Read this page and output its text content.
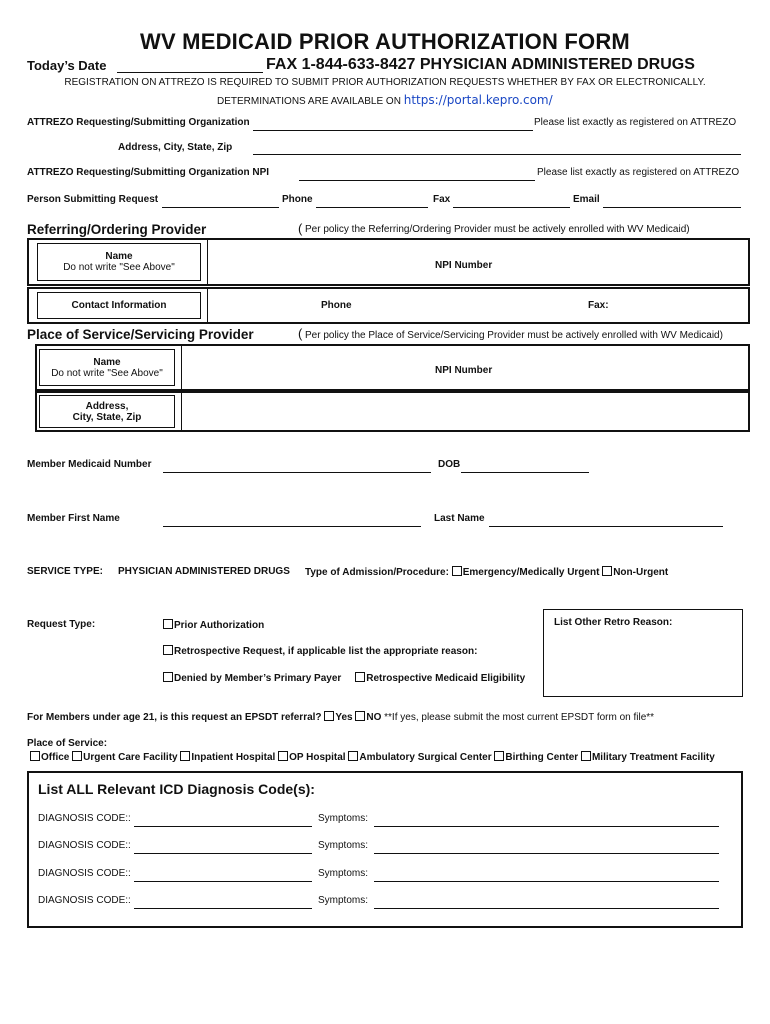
WV MEDICAID PRIOR AUTHORIZATION FORM
Today’s Date	FAX 1-844-633-8427 PHYSICIAN ADMINISTERED DRUGS
REGISTRATION ON ATTREZO IS REQUIRED TO SUBMIT PRIOR AUTHORIZATION REQUESTS WHETHER BY FAX OR ELECTRONICALLY.
DETERMINATIONS ARE AVAILABLE ON https://portal.kepro.com/
ATTREZO Requesting/Submitting Organization	Please list exactly as registered on ATTREZO
Address, City, State, Zip
ATTREZO Requesting/Submitting Organization NPI	Please list exactly as registered on ATTREZO
Person Submitting Request	Phone	Fax	Email
Referring/Ordering Provider	( Per policy the Referring/Ordering Provider must be actively enrolled with WV Medicaid)
Name
Do not write "See Above"	NPI Number
Contact Information	Phone	Fax:
Place of Service/Servicing Provider	( Per policy the Place of Service/Servicing Provider must be actively enrolled with WV Medicaid)
Name
Do not write "See Above"	NPI Number
Address,
City, State, Zip
Member Medicaid Number	DOB
Member First Name	Last Name
SERVICE TYPE: PHYSICIAN ADMINISTERED DRUGS Type of Admission/Procedure: Emergency/Medically Urgent Non-Urgent
Request Type:	Prior Authorization
Retrospective Request, if applicable list the appropriate reason:
Denied by Member’s Primary Payer Retrospective Medicaid Eligibility
List Other Retro Reason:
For Members under age 21, is this request an EPSDT referral? Yes NO **If yes, please submit the most current EPSDT form on file**
Place of Service:
Office Urgent Care Facility Inpatient Hospital OP Hospital Ambulatory Surgical Center Birthing Center Military Treatment Facility
List ALL Relevant ICD Diagnosis Code(s):
DIAGNOSIS CODE::	Symptoms:
DIAGNOSIS CODE::	Symptoms:
DIAGNOSIS CODE::	Symptoms:
DIAGNOSIS CODE::	Symptoms:
